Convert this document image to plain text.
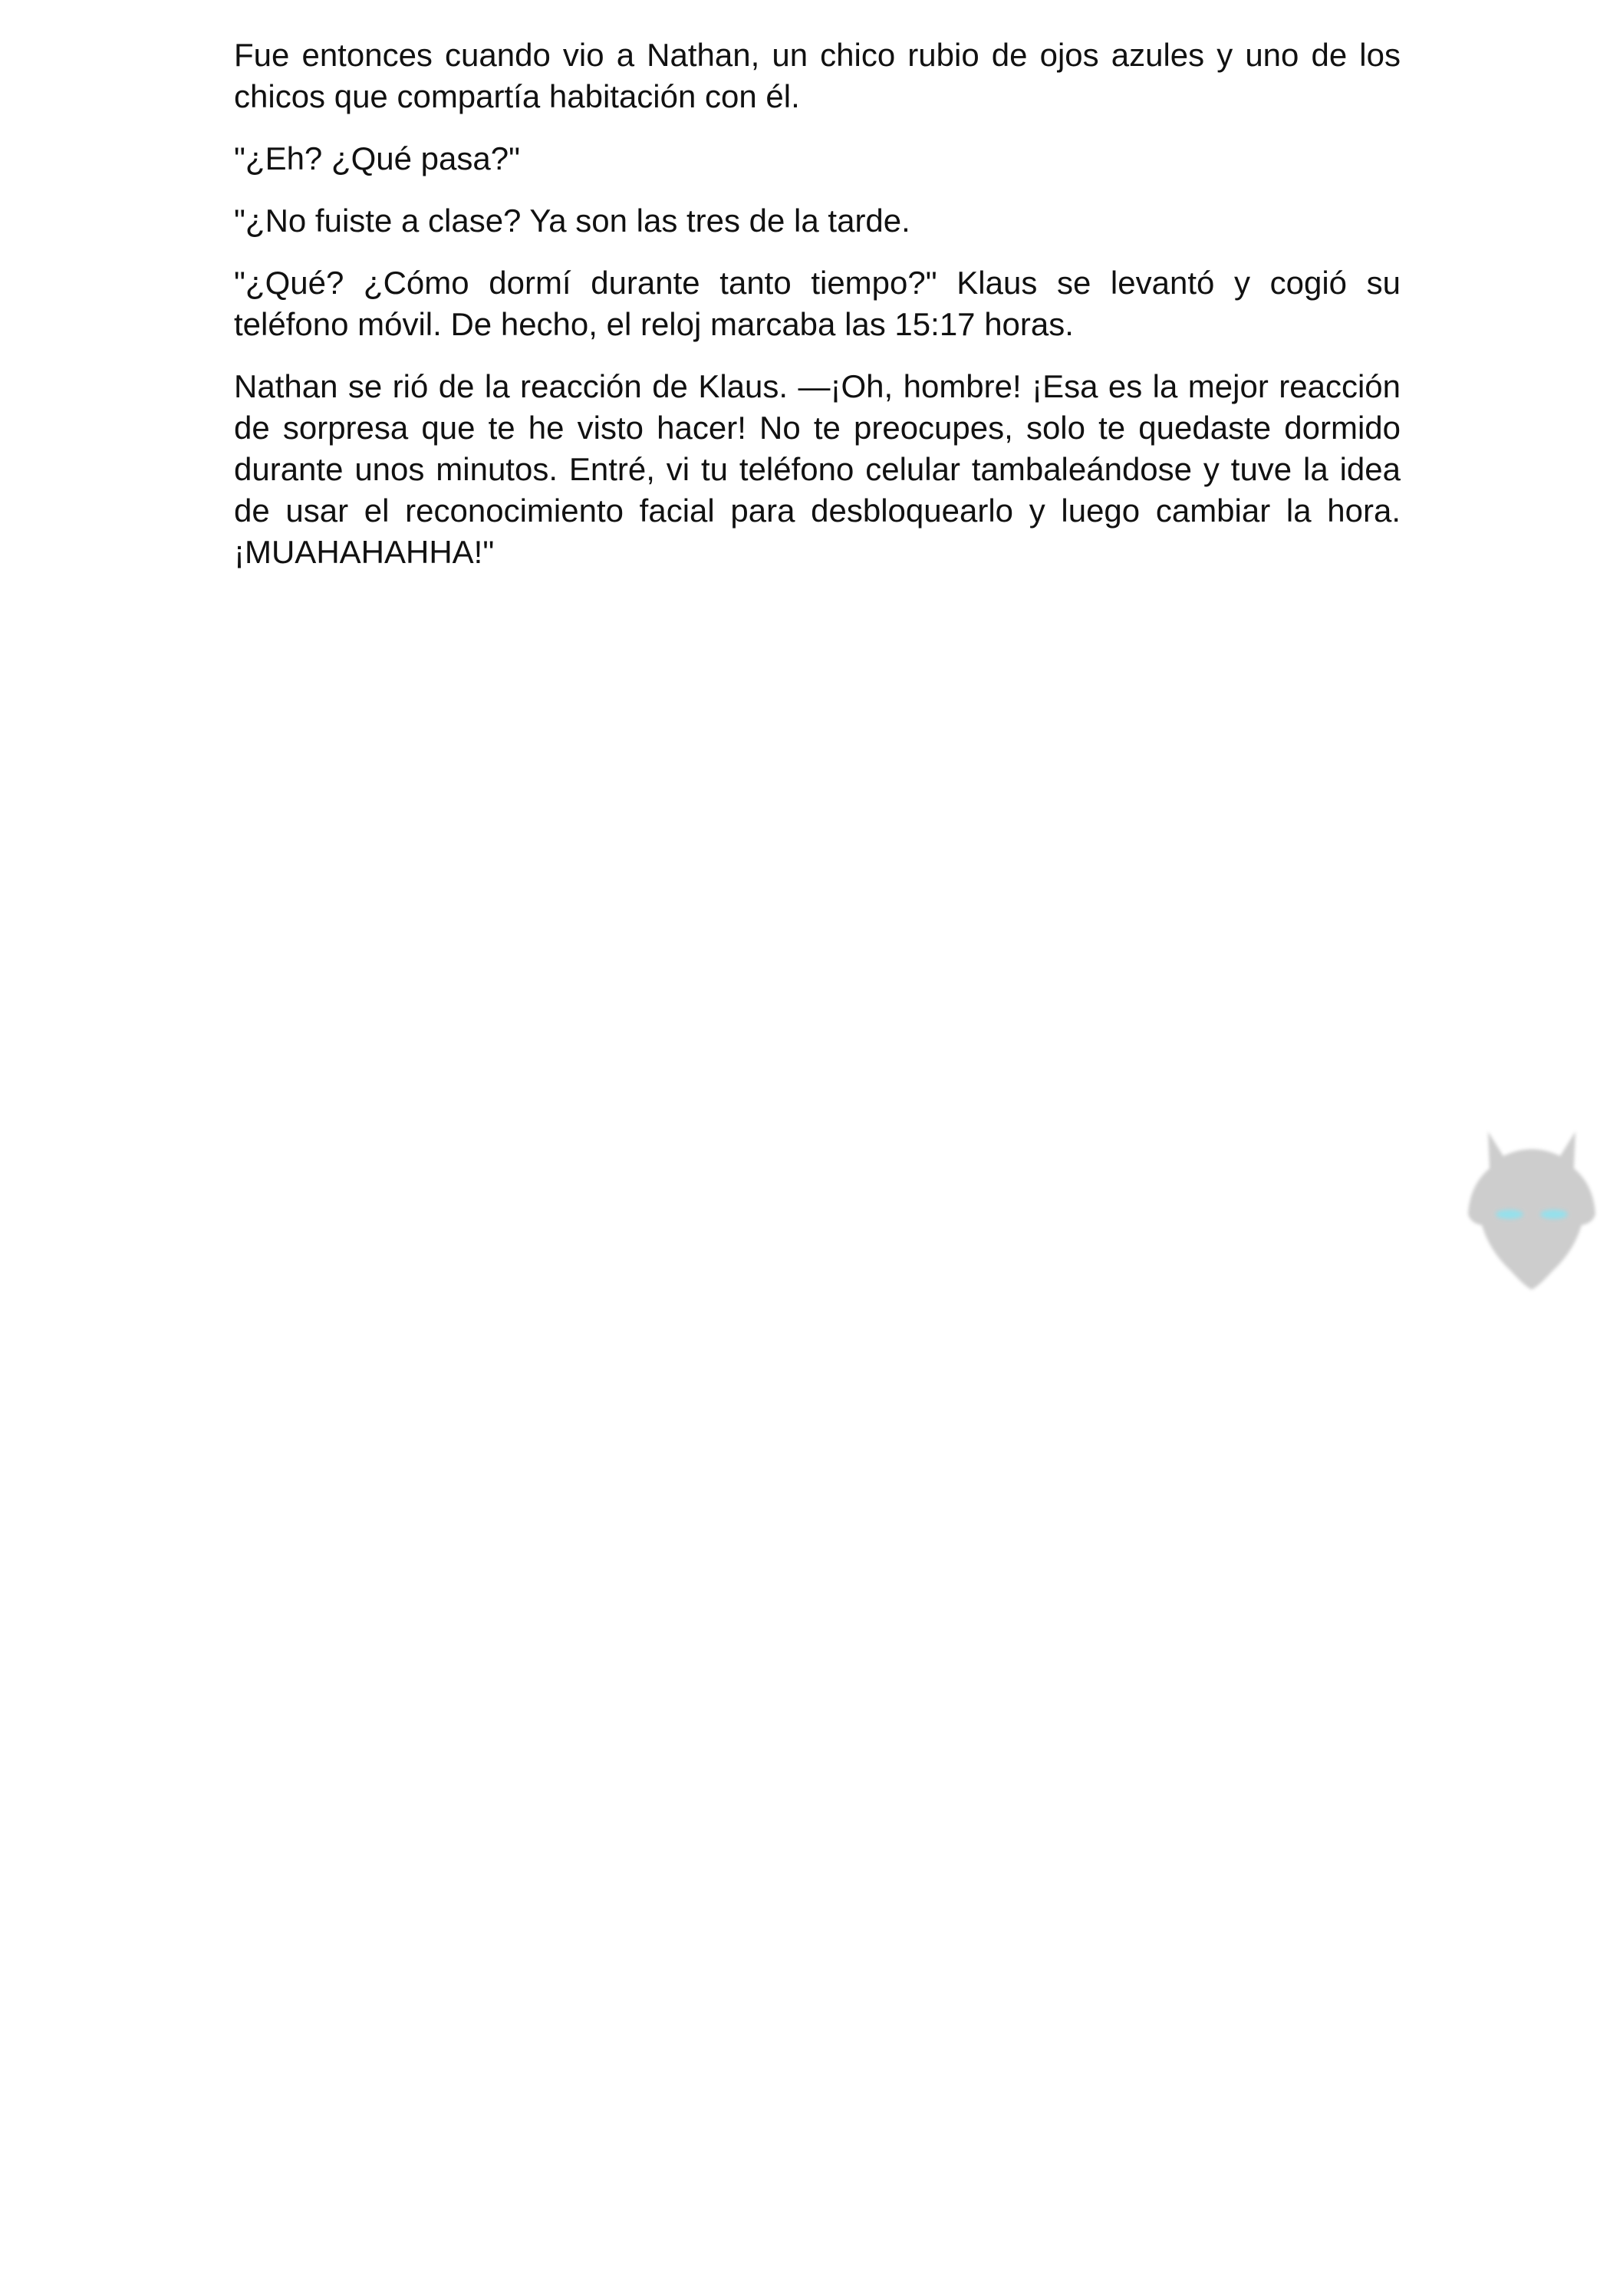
Fue entonces cuando vio a Nathan, un chico rubio de ojos azules y uno de los chicos que compartía habitación con él.

"¿Eh? ¿Qué pasa?"

"¿No fuiste a clase? Ya son las tres de la tarde.

"¿Qué? ¿Cómo dormí durante tanto tiempo?" Klaus se levantó y cogió su teléfono móvil. De hecho, el reloj marcaba las 15:17 horas.

Nathan se rió de la reacción de Klaus. —¡Oh, hombre! ¡Esa es la mejor reacción de sorpresa que te he visto hacer! No te preocupes, solo te quedaste dormido durante unos minutos. Entré, vi tu teléfono celular tambaleándose y tuve la idea de usar el reconocimiento facial para desbloquearlo y luego cambiar la hora. ¡MUAHAHAHHA!"
